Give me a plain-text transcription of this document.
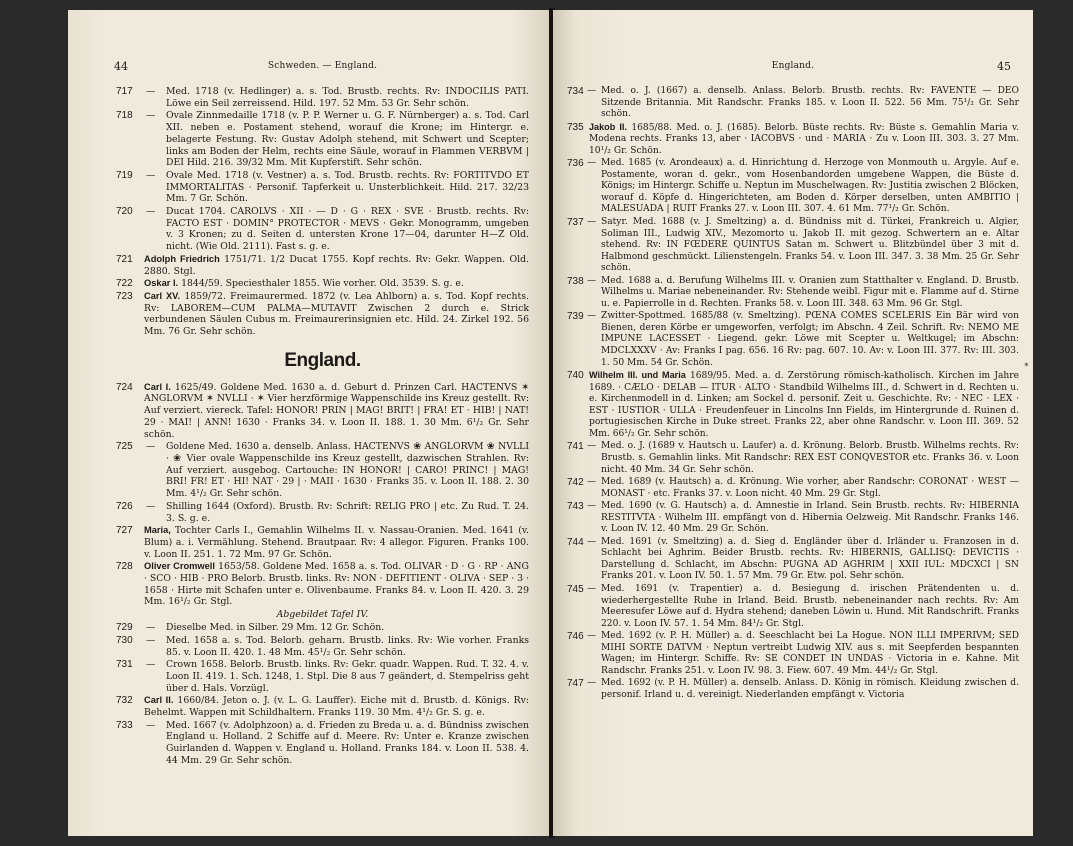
44	Schweden. — England.
717	— Med. 1718 (v. Hedlinger) a. s. Tod. Brustb. rechts. Rv: INDOCILIS PATI. Löwe ein Seil zerreissend. Hild. 197. 52 Mm. 53 Gr. Sehr schön.
718	— Ovale Zinnmedaille 1718 (v. P. P. Werner u. G. F. Nürnberger) a. s. Tod. Carl XII. neben e. Postament stehend, worauf die Krone; im Hintergr. e. belagerte Festung. Rv: Gustav Adolph stehend, mit Schwert und Scepter; links am Boden der Helm, rechts eine Säule, worauf in Flammen VERBVM | DEI Hild. 216. 39/32 Mm. Mit Kupferstift. Sehr schön.
719	— Ovale Med. 1718 (v. Vestner) a. s. Tod. Brustb. rechts. Rv: FORTITVDO ET IMMORTALITAS · Personif. Tapferkeit u. Unsterblichkeit. Hild. 217. 32/23 Mm. 7 Gr. Schön.
720	— Ducat 1704. CAROLVS · XII · — D · G · REX · SVE · Brustb. rechts. Rv: FACTO EST · DOMIN° PROTECTOR · MEVS · Gekr. Monogramm, umgeben v. 3 Kronen; zu d. Seiten d. untersten Krone 17—04, darunter H—Z Old. nicht. (Wie Old. 2111). Fast s. g. e.
721	Adolph Friedrich 1751/71. 1/2 Ducat 1755. Kopf rechts. Rv: Gekr. Wappen. Old. 2880. Stgl.
722	Oskar I. 1844/59. Speciesthaler 1855. Wie vorher. Old. 3539. S. g. e.
723	Carl XV. 1859/72. Freimaurermed. 1872 (v. Lea Ahlborn) a. s. Tod. Kopf rechts. Rv: LABOREM—CUM PALMA—MUTAVIT Zwischen 2 durch e. Strick verbundenen Säulen Cubus m. Freimaurerinsignien etc. Hild. 24. Zirkel 192. 56 Mm. 76 Gr. Sehr schön.
England.
724	Carl I. 1625/49. Goldene Med. 1630 a. d. Geburt d. Prinzen Carl. HACTENVS ✶ ANGLORVM ✶ NVLLI · ✶ Vier herzförmige Wappenschilde ins Kreuz gestellt. Rv: Auf verziert. viereck. Tafel: HONOR! PRIN | MAG! BRIT! | FRA! ET · HIB! | NAT! 29 · MAI! | ANN! 1630 · Franks 34. v. Loon II. 188. 1. 30 Mm. 6¹/₂ Gr. Sehr schön.
725	— Goldene Med. 1630 a. denselb. Anlass. HACTENVS ❀ ANGLORVM ❀ NVLLI · ❀ Vier ovale Wappenschilde ins Kreuz gestellt, dazwischen Strahlen. Rv: Auf verziert. ausgebog. Cartouche: IN HONOR! | CARO! PRINC! | MAG! BRI! FR! ET · HI! NAT · 29 | · MAII · 1630 · Franks 35. v. Loon II. 188. 2. 30 Mm. 4¹/₂ Gr. Sehr schön.
726	— Shilling 1644 (Oxford). Brustb. Rv: Schrift: RELIG PRO | etc. Zu Rud. T. 24. 3. S. g. e.
727	Maria, Tochter Carls I., Gemahlin Wilhelms II. v. Nassau-Oranien. Med. 1641 (v. Blum) a. i. Vermählung. Stehend. Brautpaar. Rv: 4 allegor. Figuren. Franks 100. v. Loon II. 251. 1. 72 Mm. 97 Gr. Schön.
728	Oliver Cromwell 1653/58. Goldene Med. 1658 a. s. Tod. OLIVAR · D · G · RP · ANG · SCO · HIB · PRO Belorb. Brustb. links. Rv: NON · DEFITIENT · OLIVA · SEP · 3 · 1658 · Hirte mit Schafen unter e. Olivenbaume. Franks 84. v. Loon II. 420. 3. 29 Mm. 16¹/₂ Gr. Stgl.
Abgebildet Tafel IV.
729	— Dieselbe Med. in Silber. 29 Mm. 12 Gr. Schön.
730	— Med. 1658 a. s. Tod. Belorb. geharn. Brustb. links. Rv: Wie vorher. Franks 85. v. Loon II. 420. 1. 48 Mm. 45¹/₂ Gr. Sehr schön.
731	— Crown 1658. Belorb. Brustb. links. Rv: Gekr. quadr. Wappen. Rud. T. 32. 4. v. Loon II. 419. 1. Sch. 1248, 1. Stpl. Die 8 aus 7 geändert, d. Stempelriss geht über d. Hals. Vorzügl.
732	Carl II. 1660/84. Jeton o. J. (v. L. G. Lauffer). Eiche mit d. Brustb. d. Königs. Rv: Behelmt. Wappen mit Schildhaltern. Franks 119. 30 Mm. 4¹/₂ Gr. S. g. e.
733	— Med. 1667 (v. Adolphzoon) a. d. Frieden zu Breda u. a. d. Bündniss zwischen England u. Holland. 2 Schiffe auf d. Meere. Rv: Unter e. Kranze zwischen Guirlanden d. Wappen v. England u. Holland. Franks 184. v. Loon II. 538. 4. 44 Mm. 29 Gr. Sehr schön.
England.	45
734 — Med. o. J. (1667) a. denselb. Anlass. Belorb. Brustb. rechts. Rv: FAVENTE — DEO Sitzende Britannia. Mit Randschr. Franks 185. v. Loon II. 522. 56 Mm. 75¹/₂ Gr. Sehr schön.
735 Jakob II. 1685/88. Med. o. J. (1685). Belorb. Büste rechts. Rv: Büste s. Gemahlin Maria v. Modena rechts. Franks 13, aber · IACOBVS · und · MARIA · Zu v. Loon III. 303. 3. 27 Mm. 10¹/₂ Gr. Schön.
736 — Med. 1685 (v. Arondeaux) a. d. Hinrichtung d. Herzoge von Monmouth u. Argyle. Auf e. Postamente, woran d. gekr., vom Hosenbandorden umgebene Wappen, die Büste d. Königs; im Hintergr. Schiffe u. Neptun im Muschelwagen. Rv: Justitia zwischen 2 Blöcken, worauf d. Köpfe d. Hingerichteten, am Boden d. Körper derselben, unten AMBITIO | MALESUADA | RUIT Franks 27. v. Loon III. 307. 4. 61 Mm. 77¹/₂ Gr. Schön.
737 — Satyr. Med. 1688 (v. J. Smeltzing) a. d. Bündniss mit d. Türkei, Frankreich u. Algier, Soliman III., Ludwig XIV., Mezomorto u. Jakob II. mit gezog. Schwertern an e. Altar stehend. Rv: IN FŒDERE QUINTUS Satan m. Schwert u. Blitzbündel über 3 mit d. Halbmond geschmückt. Lilienstengeln. Franks 54. v. Loon III. 347. 3. 38 Mm. 25 Gr. Sehr schön.
738 — Med. 1688 a. d. Berufung Wilhelms III. v. Oranien zum Statthalter v. England. D. Brustb. Wilhelms u. Mariae nebeneinander. Rv: Stehende weibl. Figur mit e. Flamme auf d. Stirne u. e. Papierrolle in d. Rechten. Franks 58. v. Loon III. 348. 63 Mm. 96 Gr. Stgl.
739 — Zwitter-Spottmed. 1685/88 (v. Smeltzing). PŒNA COMES SCELERIS Ein Bär wird von Bienen, deren Körbe er umgeworfen, verfolgt; im Abschn. 4 Zeil. Schrift. Rv: NEMO ME IMPUNE LACESSET · Liegend. gekr. Löwe mit Scepter u. Weltkugel; im Abschn: MDCLXXXV · Av: Franks I pag. 656. 16 Rv: pag. 607. 10. Av: v. Loon III. 377. Rv: III. 303. 1. 50 Mm. 54 Gr. Schön.
740 Wilhelm III. und Maria 1689/95. Med. a. d. Zerstörung römisch-katholisch. Kirchen im Jahre 1689. · CÆLO · DELAB — ITUR · ALTO · Standbild Wilhelms III., d. Schwert in d. Rechten u. e. Kirchenmodell in d. Linken; am Sockel d. personif. Zeit u. Geschichte. Rv: · NEC · LEX · EST · IUSTIOR · ULLA · Freudenfeuer in Lincolns Inn Fields, im Hintergrunde d. Ruinen d. portugiesischen Kirche in Duke street. Franks 22, aber ohne Randschr. v. Loon III. 369. 52 Mm. 66¹/₂ Gr. Sehr schön.
741 — Med. o. J. (1689 v. Hautsch u. Laufer) a. d. Krönung. Belorb. Brustb. Wilhelms rechts. Rv: Brustb. s. Gemahlin links. Mit Randschr: REX EST CONQVESTOR etc. Franks 36. v. Loon nicht. 40 Mm. 34 Gr. Sehr schön.
742 — Med. 1689 (v. Hautsch) a. d. Krönung. Wie vorher, aber Randschr: CORONAT · WEST — MONAST · etc. Franks 37. v. Loon nicht. 40 Mm. 29 Gr. Stgl.
743 — Med. 1690 (v. G. Hautsch) a. d. Amnestie in Irland. Sein Brustb. rechts. Rv: HIBERNIA RESTITVTA · Wilhelm III. empfängt von d. Hibernia Oelzweig. Mit Randschr. Franks 146. v. Loon IV. 12. 40 Mm. 29 Gr. Schön.
744 — Med. 1691 (v. Smeltzing) a. d. Sieg d. Engländer über d. Irländer u. Franzosen in d. Schlacht bei Aghrim. Beider Brustb. rechts. Rv: HIBERNIS, GALLISQ: DEVICTIS · Darstellung d. Schlacht, im Abschn: PUGNA AD AGHRIM | XXII IUL: MDCXCI | SN Franks 201. v. Loon IV. 50. 1. 57 Mm. 79 Gr. Etw. pol. Sehr schön.
745 — Med. 1691 (v. Trapentier) a. d. Besiegung d. irischen Prätendenten u. d. wiederhergestellte Ruhe in Irland. Beid. Brustb. nebeneinander nach rechts. Rv: Am Meeresufer Löwe auf d. Hydra stehend; daneben Löwin u. Hund. Mit Randschrift. Franks 220. v. Loon IV. 57. 1. 54 Mm. 84¹/₂ Gr. Stgl.
746 — Med. 1692 (v. P. H. Müller) a. d. Seeschlacht bei La Hogue. NON ILLI IMPERIVM; SED MIHI SORTE DATVM · Neptun vertreibt Ludwig XIV. aus s. mit Seepferden bespannten Wagen; im Hintergr. Schiffe. Rv: SE CONDET IN UNDAS · Victoria in e. Kahne. Mit Randschr. Franks 251. v. Loon IV. 98. 3. Fiew. 607. 49 Mm. 44¹/₂ Gr. Stgl.
747 — Med. 1692 (v. P. H. Müller) a. denselb. Anlass. D. König in römisch. Kleidung zwischen d. personif. Irland u. d. vereinigt. Niederlanden empfängt v. Victoria
∗
